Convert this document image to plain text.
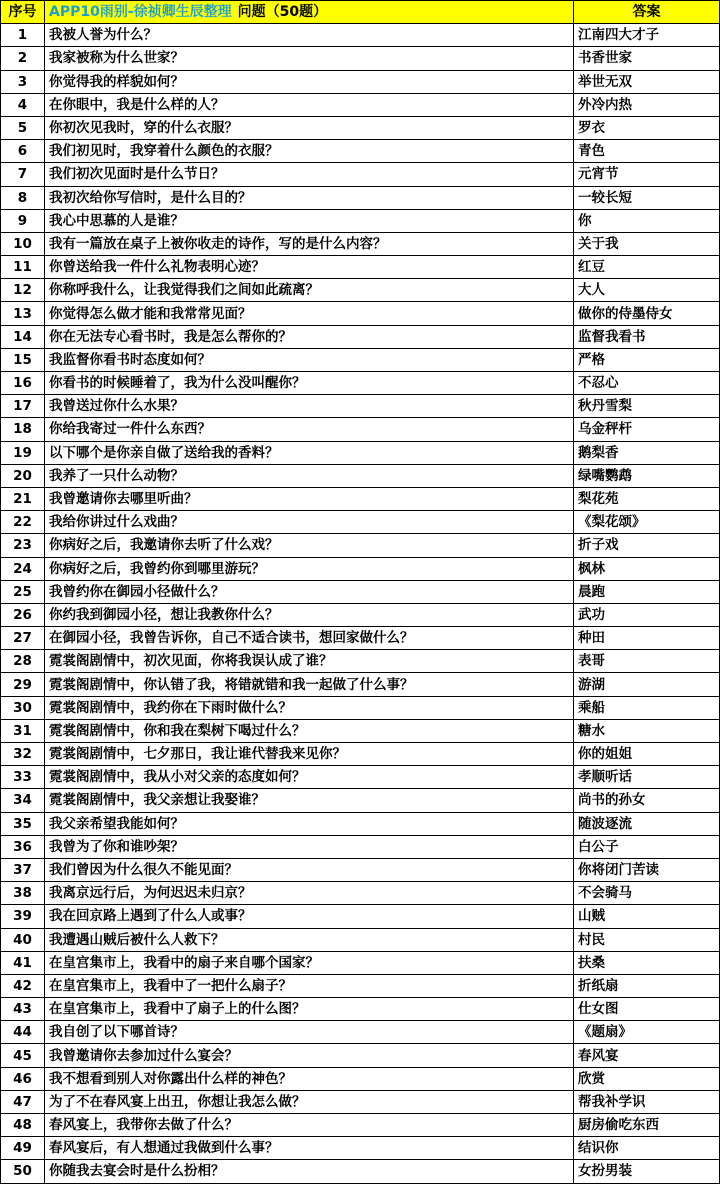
序号	APP10雨别-徐祯卿生辰整理 问题（50题）	答案
1	我被人誉为什么？	江南四大才子
2	我家被称为什么世家？	书香世家
3	你觉得我的样貌如何？	举世无双
4	在你眼中，我是什么样的人？	外冷内热
5	你初次见我时，穿的什么衣服？	罗衣
6	我们初见时，我穿着什么颜色的衣服？	青色
7	我们初次见面时是什么节日？	元宵节
8	我初次给你写信时，是什么目的？	一较长短
9	我心中思慕的人是谁？	你
10	我有一篇放在桌子上被你收走的诗作，写的是什么内容？	关于我
11	你曾送给我一件什么礼物表明心迹？	红豆
12	你称呼我什么，让我觉得我们之间如此疏离？	大人
13	你觉得怎么做才能和我常常见面？	做你的侍墨侍女
14	你在无法专心看书时，我是怎么帮你的？	监督我看书
15	我监督你看书时态度如何？	严格
16	你看书的时候睡着了，我为什么没叫醒你？	不忍心
17	我曾送过你什么水果？	秋丹雪梨
18	你给我寄过一件什么东西？	乌金秤杆
19	以下哪个是你亲自做了送给我的香料？	鹅梨香
20	我养了一只什么动物？	绿嘴鹦鹉
21	我曾邀请你去哪里听曲？	梨花苑
22	我给你讲过什么戏曲？	《梨花颂》
23	你病好之后，我邀请你去听了什么戏？	折子戏
24	你病好之后，我曾约你到哪里游玩？	枫林
25	我曾约你在御园小径做什么？	晨跑
26	你约我到御园小径，想让我教你什么？	武功
27	在御园小径，我曾告诉你，自己不适合读书，想回家做什么？	种田
28	霓裳阁剧情中，初次见面，你将我误认成了谁？	表哥
29	霓裳阁剧情中，你认错了我，将错就错和我一起做了什么事？	游湖
30	霓裳阁剧情中，我约你在下雨时做什么？	乘船
31	霓裳阁剧情中，你和我在梨树下喝过什么？	糖水
32	霓裳阁剧情中，七夕那日，我让谁代替我来见你？	你的姐姐
33	霓裳阁剧情中，我从小对父亲的态度如何？	孝顺听话
34	霓裳阁剧情中，我父亲想让我娶谁？	尚书的孙女
35	我父亲希望我能如何？	随波逐流
36	我曾为了你和谁吵架？	白公子
37	我们曾因为什么很久不能见面？	你将闭门苦读
38	我离京远行后，为何迟迟未归京？	不会骑马
39	我在回京路上遇到了什么人或事？	山贼
40	我遭遇山贼后被什么人救下？	村民
41	在皇宫集市上，我看中的扇子来自哪个国家？	扶桑
42	在皇宫集市上，我看中了一把什么扇子？	折纸扇
43	在皇宫集市上，我看中了扇子上的什么图？	仕女图
44	我自创了以下哪首诗？	《题扇》
45	我曾邀请你去参加过什么宴会？	春风宴
46	我不想看到别人对你露出什么样的神色？	欣赏
47	为了不在春风宴上出丑，你想让我怎么做？	帮我补学识
48	春风宴上，我带你去做了什么？	厨房偷吃东西
49	春风宴后，有人想通过我做到什么事？	结识你
50	你随我去宴会时是什么扮相？	女扮男装
